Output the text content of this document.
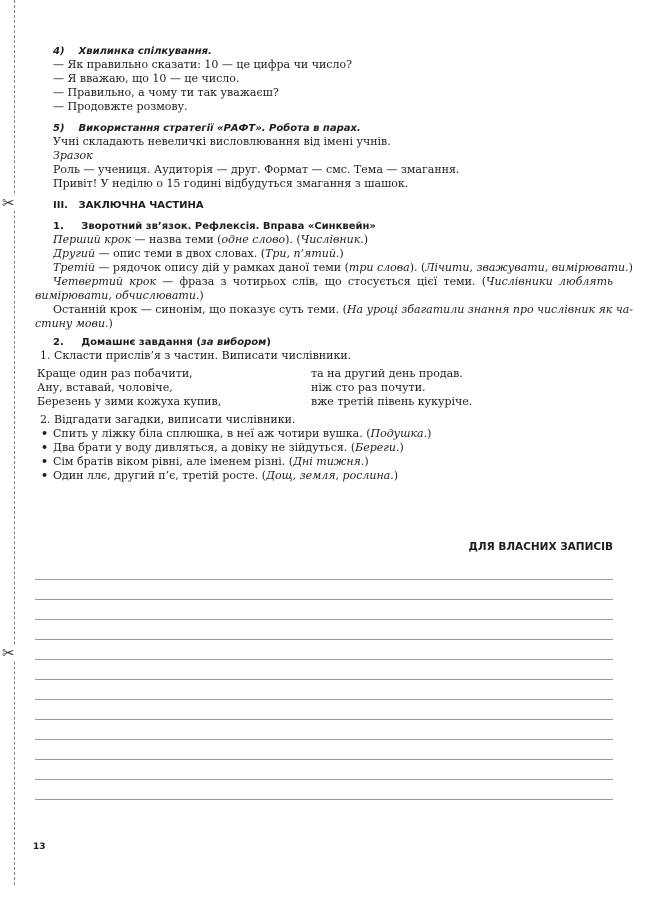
✂
✂
4) Хвилинка спілкування.
— Як правильно сказати: 10 — це цифра чи число?
— Я вважаю, що 10 — це число.
— Правильно, а чому ти так уважаєш?
— Продовжте розмову.
5) Використання стратегії «РАФТ». Робота в парах.
Учні складають невеличкі висловлювання від імені учнів.
Зразок
Роль — учениця. Аудиторія — друг. Формат — смс. Тема — змагання.
Привіт! У неділю о 15 годині відбудуться змагання з шашок.
III. ЗАКЛЮЧНА ЧАСТИНА
1. Зворотний зв’язок. Рефлексія. Вправа «Синквейн»
Перший крок — назва теми (одне слово). (Числівник.)
Другий — опис теми в двох словах. (Три, п’ятий.)
Третій — рядочок опису дій у рамках даної теми (три слова). (Лічити, зважувати, вимірювати.)
Четвертий крок — фраза з чотирьох слів, що стосується цієї теми. (Числівники люблять
вимірювати, обчислювати.)
Останній крок — синонім, що показує суть теми. (На уроці збагатили знання про числівник як ча-
стину мови.)
2. Домашнє завдання (за вибором)
1. Скласти прислів’я з частин. Виписати числівники.
Краще один раз побачити,	та на другий день продав.
Ану, вставай, чоловіче,	ніж сто раз почути.
Березень у зими кожуха купив,	вже третій півень кукуріче.
2. Відгадати загадки, виписати числівники.
• Спить у ліжку біла сплюшка, в неї аж чотири вушка. (Подушка.)
• Два брати у воду дивляться, а довіку не зійдуться. (Береги.)
• Сім братів віком рівні, але іменем різні. (Дні тижня.)
• Один ллє, другий п’є, третій росте. (Дощ, земля, рослина.)
ДЛЯ ВЛАСНИХ ЗАПИСІВ
13
